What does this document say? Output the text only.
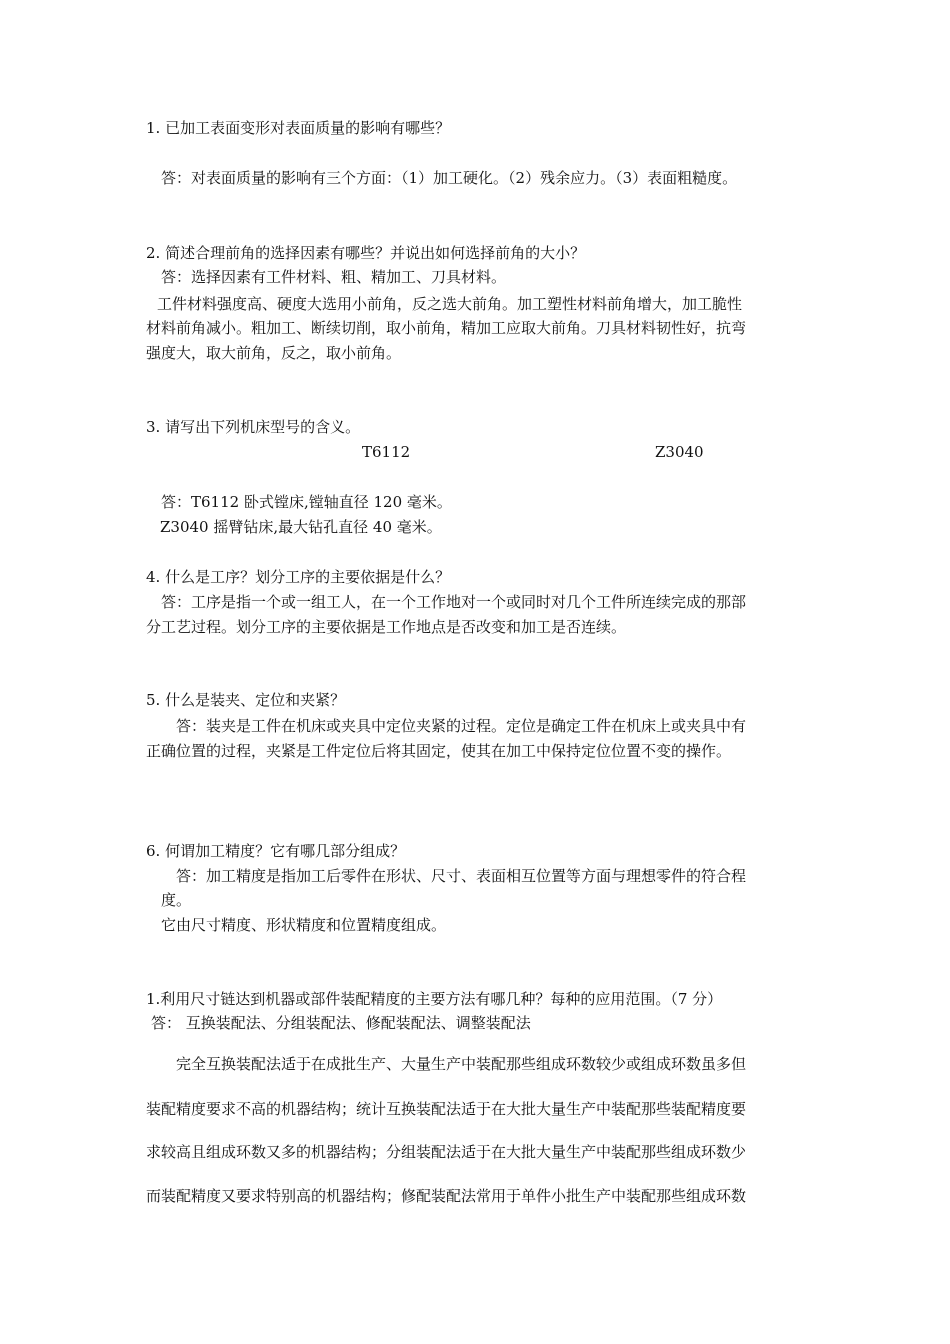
1. 已加工表面变形对表面质量的影响有哪些？
答：对表面质量的影响有三个方面：（1）加工硬化。（2）残余应力。（3）表面粗糙度。
2. 简述合理前角的选择因素有哪些？并说出如何选择前角的大小？
答：选择因素有工件材料、粗、精加工、刀具材料。
工件材料强度高、硬度大选用小前角，反之选大前角。加工塑性材料前角增大，加工脆性
材料前角减小。粗加工、断续切削，取小前角，精加工应取大前角。刀具材料韧性好，抗弯
强度大，取大前角，反之，取小前角。
3. 请写出下列机床型号的含义。
T6112	Z3040
答：T6112 卧式镗床,镗轴直径 120 毫米。
Z3040 摇臂钻床,最大钻孔直径 40 毫米。
4. 什么是工序？划分工序的主要依据是什么？
答：工序是指一个或一组工人，在一个工作地对一个或同时对几个工件所连续完成的那部
分工艺过程。划分工序的主要依据是工作地点是否改变和加工是否连续。
5. 什么是装夹、定位和夹紧？
答：装夹是工件在机床或夹具中定位夹紧的过程。定位是确定工件在机床上或夹具中有
正确位置的过程，夹紧是工件定位后将其固定，使其在加工中保持定位位置不变的操作。
6. 何谓加工精度？它有哪几部分组成？
答：加工精度是指加工后零件在形状、尺寸、表面相互位置等方面与理想零件的符合程
度。
它由尺寸精度、形状精度和位置精度组成。
1.利用尺寸链达到机器或部件装配精度的主要方法有哪几种？每种的应用范围。（7 分）
答： 互换装配法、分组装配法、修配装配法、调整装配法
完全互换装配法适于在成批生产、大量生产中装配那些组成环数较少或组成环数虽多但
装配精度要求不高的机器结构；统计互换装配法适于在大批大量生产中装配那些装配精度要
求较高且组成环数又多的机器结构；分组装配法适于在大批大量生产中装配那些组成环数少
而装配精度又要求特别高的机器结构；修配装配法常用于单件小批生产中装配那些组成环数
